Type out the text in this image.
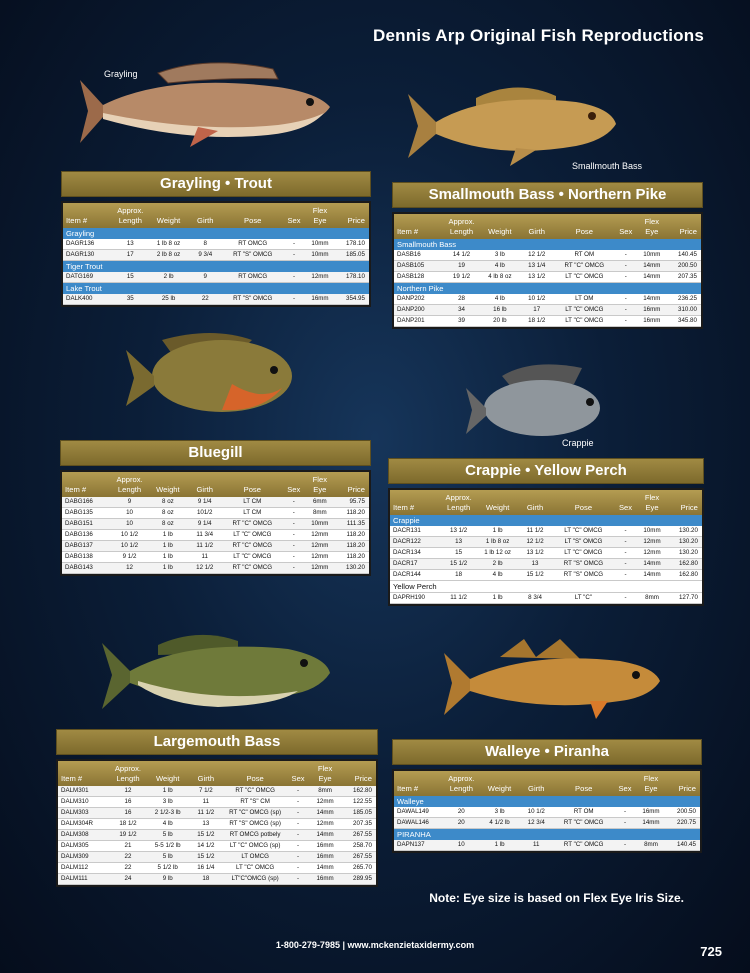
Dennis Arp Original Fish Reproductions
Grayling
Smallmouth Bass
Crappie
Grayling • Trout
Item #
Approx.
Length	Weight	Girth	Pose	Sex
Flex
Eye	Price
Grayling
DAGR136	13	1 lb 8 oz	8	RT OMCG	-	10mm	178.10
DAGR130	17	2 lb 8 oz	9 3/4	RT "S" OMCG	-	10mm	185.05
Tiger Trout
DATG169	15	2 lb	9	RT OMCG	-	12mm	178.10
Lake Trout
DALK400	35	25 lb	22	RT "S" OMCG	-	16mm	354.95
Smallmouth Bass • Northern Pike
Item #
Approx.
Length	Weight	Girth	Pose	Sex
Flex
Eye	Price
Smallmouth Bass
DASB16	14 1/2	3 lb	12 1/2	RT OM	-	10mm	140.45
DASB105	19	4 lb	13 1/4	RT "C" OMCG	-	14mm	200.50
DASB128	19 1/2	4 lb 8 oz	13 1/2	LT "C" OMCG	-	14mm	207.35
Northern Pike
DANP202	28	4 lb	10 1/2	LT OM	-	14mm	236.25
DANP200	34	16 lb	17	LT "C" OMCG	-	16mm	310.00
DANP201	39	20 lb	18 1/2	LT "C" OMCG	-	16mm	345.80
Bluegill
Item #
Approx.
Length	Weight	Girth	Pose	Sex
Flex
Eye	Price
DABG166	9	8 oz	9 1/4	LT CM	-	6mm	95.75
DABG135	10	8 oz	101/2	LT CM	-	8mm	118.20
DABG151	10	8 oz	9 1/4	RT "C" OMCG	-	10mm	111.35
DABG136	10 1/2	1 lb	11 3/4	LT "C" OMCG	-	12mm	118.20
DABG137	10 1/2	1 lb	11 1/2	RT "C" OMCG	-	12mm	118.20
DABG138	9 1/2	1 lb	11	LT "C" OMCG	-	12mm	118.20
DABG143	12	1 lb	12 1/2	RT "C" OMCG	-	12mm	130.20
Crappie • Yellow Perch
Item #
Approx.
Length	Weight	Girth	Pose	Sex
Flex
Eye	Price
Crappie
DACR131	13 1/2	1 lb	11 1/2	LT "C" OMCG	-	10mm	130.20
DACR122	13	1 lb 8 oz	12 1/2	LT "S" OMCG	-	12mm	130.20
DACR134	15	1 lb 12 oz	13 1/2	LT "C" OMCG	-	12mm	130.20
DACR17	15 1/2	2 lb	13	RT "S" OMCG	-	14mm	162.80
DACR144	18	4 lb	15 1/2	RT "S" OMCG	-	14mm	162.80
Yellow Perch
DAPRH190	11 1/2	1 lb	8 3/4	LT "C"	-	8mm	127.70
Largemouth Bass
Item #
Approx.
Length	Weight	Girth	Pose	Sex
Flex
Eye	Price
DALM301	12	1 lb	7 1/2	RT "C" OMCG	-	8mm	162.80
DALM310	16	3 lb	11	RT "S" CM	-	12mm	122.55
DALM303	16	2 1/2-3 lb	11 1/2	RT "C" OMCG (sp)	-	14mm	185.05
DALM304R	18 1/2	4 lb	13	RT "S" OMCG (sp)	-	12mm	207.35
DALM308	19 1/2	5 lb	15 1/2	RT OMCG potbely	-	14mm	267.55
DALM305	21	5-5 1/2 lb	14 1/2	LT "C" OMCG (sp)	-	16mm	258.70
DALM309	22	5 lb	15 1/2	LT OMCG	-	16mm	267.55
DALM112	22	5 1/2 lb	16 1/4	LT "C" OMCG	-	14mm	265.70
DALM111	24	9 lb	18	LT"C"OMCG (sp)	-	16mm	289.95
Walleye • Piranha
Item #
Approx.
Length	Weight	Girth	Pose	Sex
Flex
Eye	Price
Walleye
DAWAL149	20	3 lb	10 1/2	RT OM	-	16mm	200.50
DAWAL146	20	4 1/2 lb	12 3/4	RT "C" OMCG	-	14mm	220.75
PIRANHA
DAPN137	10	1 lb	11	RT "C" OMCG	-	8mm	140.45
Note: Eye size is based on Flex Eye Iris Size.
1-800-279-7985 | www.mckenzietaxidermy.com	725
